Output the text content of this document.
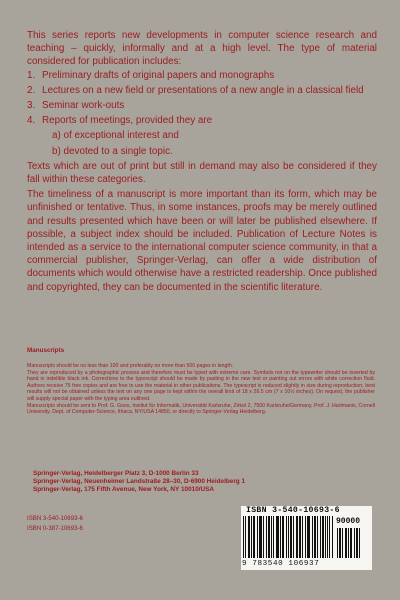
This series reports new developments in computer science research and teaching – quickly, informally and at a high level. The type of material considered for publication includes:

1. Preliminary drafts of original papers and monographs
2. Lectures on a new field or presentations of a new angle in a classical field
3. Seminar work-outs
4. Reports of meetings, provided they are
a) of exceptional interest and
b) devoted to a single topic.

Texts which are out of print but still in demand may also be considered if they fall within these categories.

The timeliness of a manuscript is more important than its form, which may be unfinished or tentative. Thus, in some instances, proofs may be merely outlined and results presented which have been or will later be published elsewhere. If possible, a subject index should be included. Publication of Lecture Notes is intended as a service to the international computer science community, in that a commercial publisher, Springer-Verlag, can offer a wide distribution of documents which would otherwise have a restricted readership. Once published and copyrighted, they can be documented in the scientific literature.

Manuscripts

Manuscripts should be no less than 100 and preferably no more than 500 pages in length.

They are reproduced by a photographic process and therefore must be typed with extreme care. Symbols not on the typewriter should be inserted by hand in indelible black ink. Corrections to the typescript should be made by pasting in the new text or painting out errors with white correction fluid. Authors receive 75 free copies and are free to use the material in other publications. The typescript is reduced slightly in size during reproduction; best results will not be obtained unless the text on any one page is kept within the overall limit of 18 x 26.5 cm (7 x 10½ inches). On request, the publisher will supply special paper with the typing area outlined.

Manuscripts should be sent to Prof. G. Goos, Institut für Informatik, Universität Karlsruhe, Zirkel 2, 7500 Karlsruhe/Germany, Prof. J. Hartmanis, Cornell University, Dept. of Computer-Science, Ithaca, NY/USA 14850, or directly to Springer-Verlag Heidelberg.

Springer-Verlag, Heidelberger Platz 3, D-1000 Berlin 33
Springer-Verlag, Neuenheimer Landstraße 28–30, D-6900 Heidelberg 1
Springer-Verlag, 175 Fifth Avenue, New York, NY 10010/USA
ISBN 3-540-10693-6
ISBN 0-387-10693-6
ISBN 3-540-10693-6
90000
9 783540 106937
